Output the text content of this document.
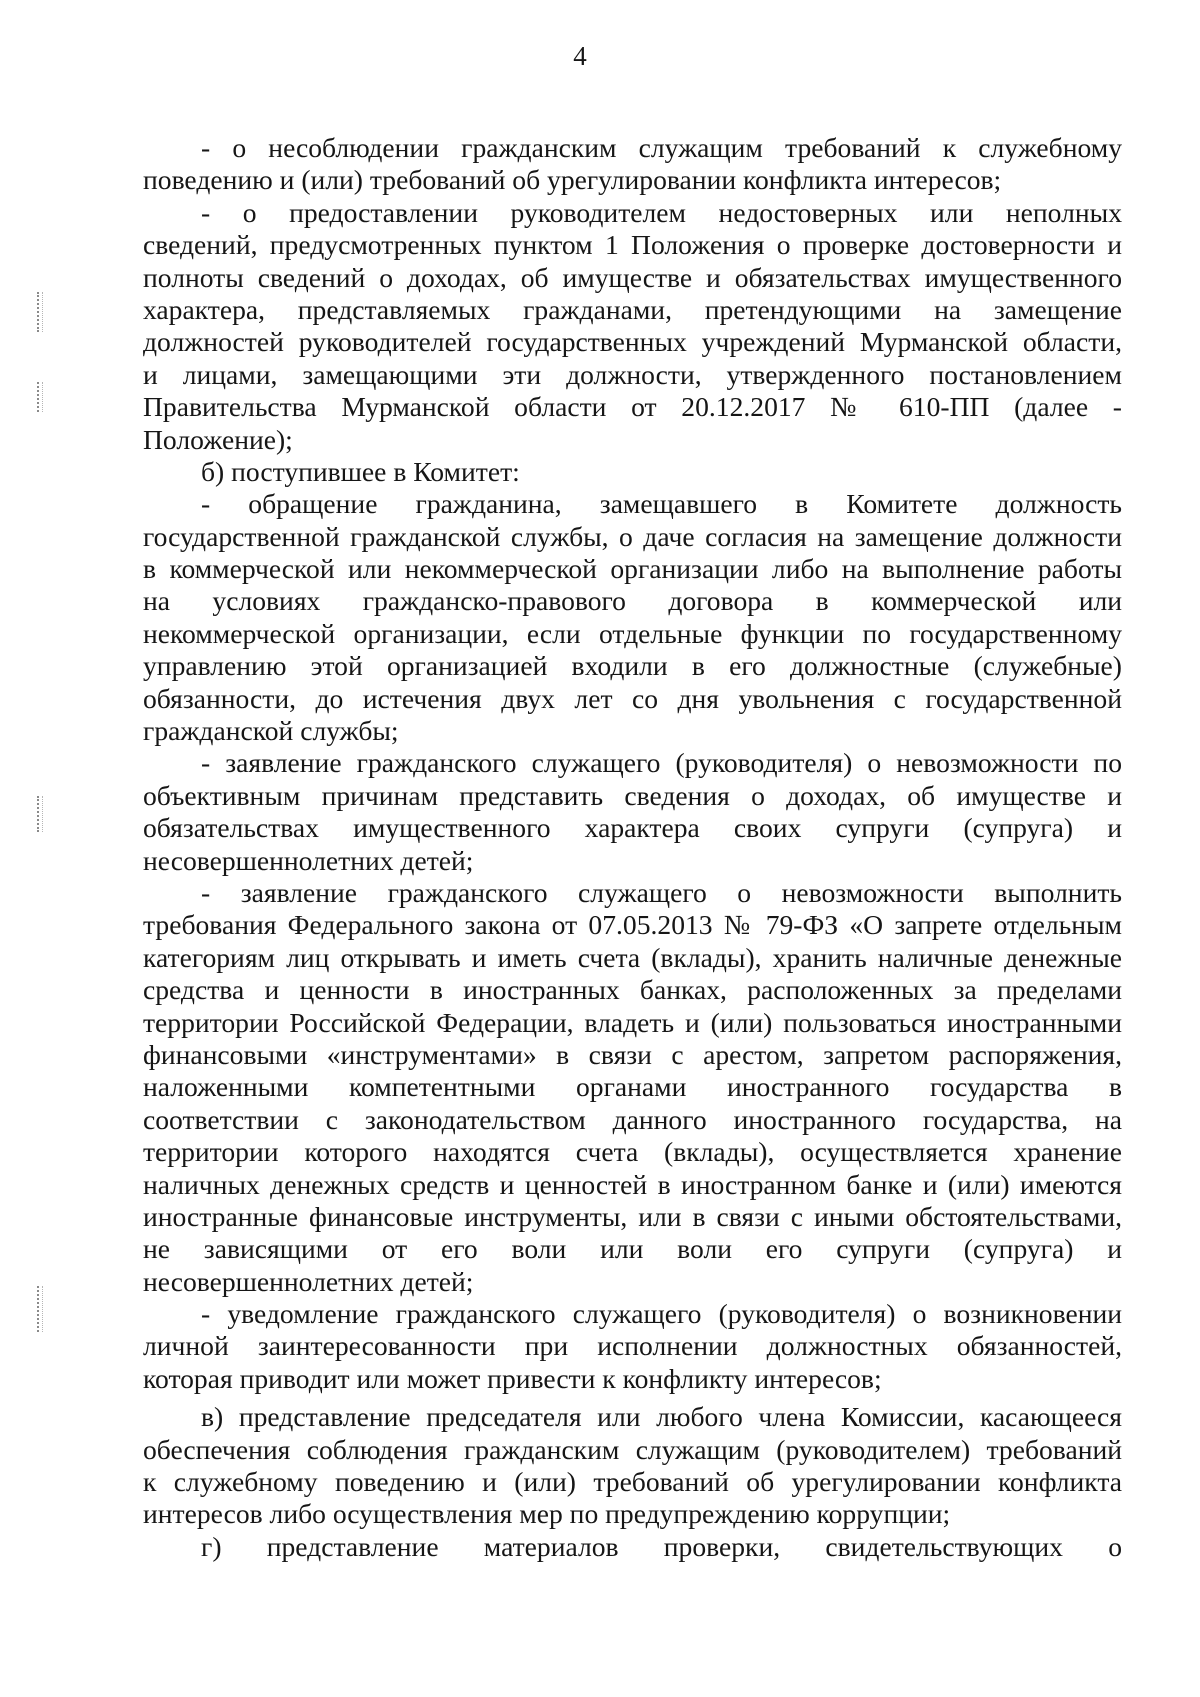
4
- о несоблюдении гражданским служащим требований к служебному
поведению и (или) требований об урегулировании конфликта интересов;
- о предоставлении руководителем недостоверных или неполных
сведений, предусмотренных пунктом 1 Положения о проверке достоверности и
полноты сведений о доходах, об имуществе и обязательствах имущественного
характера, представляемых гражданами, претендующими на замещение
должностей руководителей государственных учреждений Мурманской области,
и лицами, замещающими эти должности, утвержденного постановлением
Правительства Мурманской области от 20.12.2017 № 610-ПП (далее -
Положение);
б) поступившее в Комитет:
- обращение гражданина, замещавшего в Комитете должность
государственной гражданской службы, о даче согласия на замещение должности
в коммерческой или некоммерческой организации либо на выполнение работы
на условиях гражданско-правового договора в коммерческой или
некоммерческой организации, если отдельные функции по государственному
управлению этой организацией входили в его должностные (служебные)
обязанности, до истечения двух лет со дня увольнения с государственной
гражданской службы;
- заявление гражданского служащего (руководителя) о невозможности по
объективным причинам представить сведения о доходах, об имуществе и
обязательствах имущественного характера своих супруги (супруга) и
несовершеннолетних детей;
- заявление гражданского служащего о невозможности выполнить
требования Федерального закона от 07.05.2013 № 79-ФЗ «О запрете отдельным
категориям лиц открывать и иметь счета (вклады), хранить наличные денежные
средства и ценности в иностранных банках, расположенных за пределами
территории Российской Федерации, владеть и (или) пользоваться иностранными
финансовыми «инструментами» в связи с арестом, запретом распоряжения,
наложенными компетентными органами иностранного государства в
соответствии с законодательством данного иностранного государства, на
территории которого находятся счета (вклады), осуществляется хранение
наличных денежных средств и ценностей в иностранном банке и (или) имеются
иностранные финансовые инструменты, или в связи с иными обстоятельствами,
не зависящими от его воли или воли его супруги (супруга) и
несовершеннолетних детей;
- уведомление гражданского служащего (руководителя) о возникновении
личной заинтересованности при исполнении должностных обязанностей,
которая приводит или может привести к конфликту интересов;
в) представление председателя или любого члена Комиссии, касающееся
обеспечения соблюдения гражданским служащим (руководителем) требований
к служебному поведению и (или) требований об урегулировании конфликта
интересов либо осуществления мер по предупреждению коррупции;
г) представление материалов проверки, свидетельствующих о
